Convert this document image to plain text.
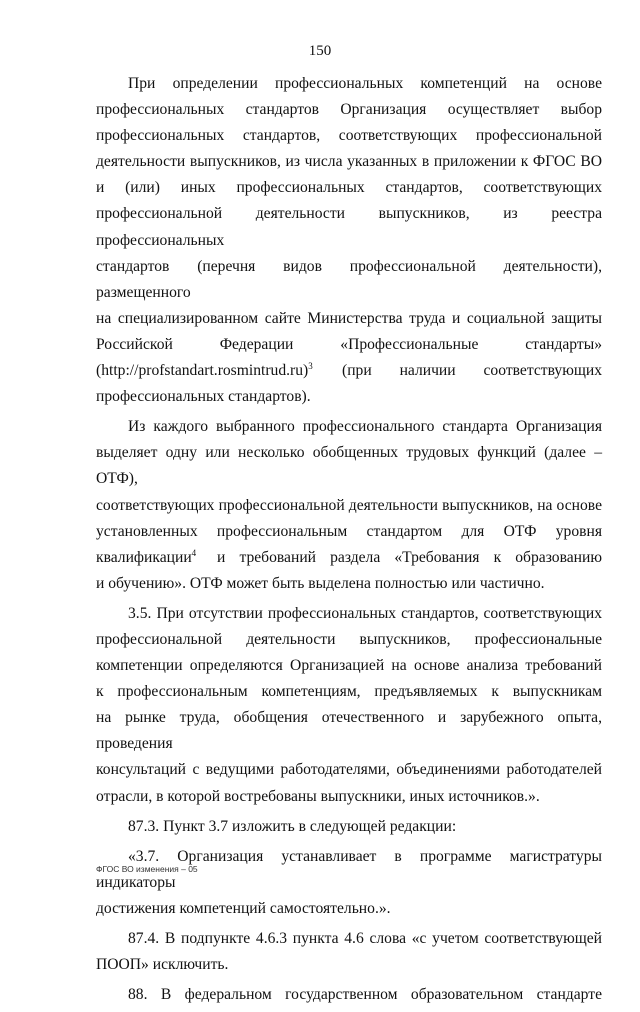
150
При определении профессиональных компетенций на основе
профессиональных стандартов Организация осуществляет выбор
профессиональных стандартов, соответствующих профессиональной
деятельности выпускников, из числа указанных в приложении к ФГОС ВО
и (или) иных профессиональных стандартов, соответствующих
профессиональной деятельности выпускников, из реестра профессиональных
стандартов (перечня видов профессиональной деятельности), размещенного
на специализированном сайте Министерства труда и социальной защиты
Российской Федерации «Профессиональные стандарты»
(http://profstandart.rosmintrud.ru)$^3$ (при наличии соответствующих
профессиональных стандартов).
Из каждого выбранного профессионального стандарта Организация
выделяет одну или несколько обобщенных трудовых функций (далее – ОТФ),
соответствующих профессиональной деятельности выпускников, на основе
установленных профессиональным стандартом для ОТФ уровня
квалификации$^4$ и требований раздела «Требования к образованию
и обучению». ОТФ может быть выделена полностью или частично.
3.5. При отсутствии профессиональных стандартов, соответствующих
профессиональной деятельности выпускников, профессиональные
компетенции определяются Организацией на основе анализа требований
к профессиональным компетенциям, предъявляемых к выпускникам
на рынке труда, обобщения отечественного и зарубежного опыта, проведения
консультаций с ведущими работодателями, объединениями работодателей
отрасли, в которой востребованы выпускники, иных источников.».
87.3. Пункт 3.7 изложить в следующей редакции:
«3.7. Организация устанавливает в программе магистратуры индикаторы
достижения компетенций самостоятельно.».
87.4. В подпункте 4.6.3 пункта 4.6 слова «с учетом соответствующей
ПООП» исключить.
88. В федеральном государственном образовательном стандарте
ФГОС ВО изменения – 05
